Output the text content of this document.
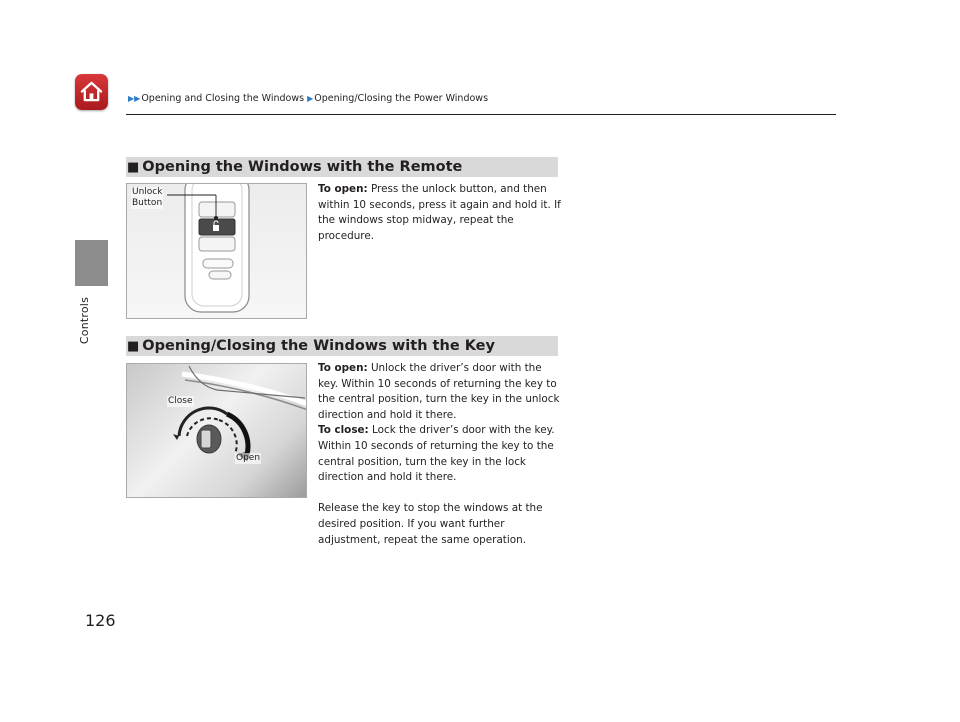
Controls
▶▶Opening and Closing the Windows ▶Opening/Closing the Power Windows
■ Opening the Windows with the Remote
Unlock
Button

To open: Press the unlock button, and then within 10 seconds, press it again and hold it. If the windows stop midway, repeat the procedure.

■ Opening/Closing the Windows with the Key
Close
Open

To open: Unlock the driver’s door with the key. Within 10 seconds of returning the key to the central position, turn the key in the unlock direction and hold it there.

To close: Lock the driver’s door with the key. Within 10 seconds of returning the key to the central position, turn the key in the lock direction and hold it there.

Release the key to stop the windows at the desired position. If you want further adjustment, repeat the same operation.

126
